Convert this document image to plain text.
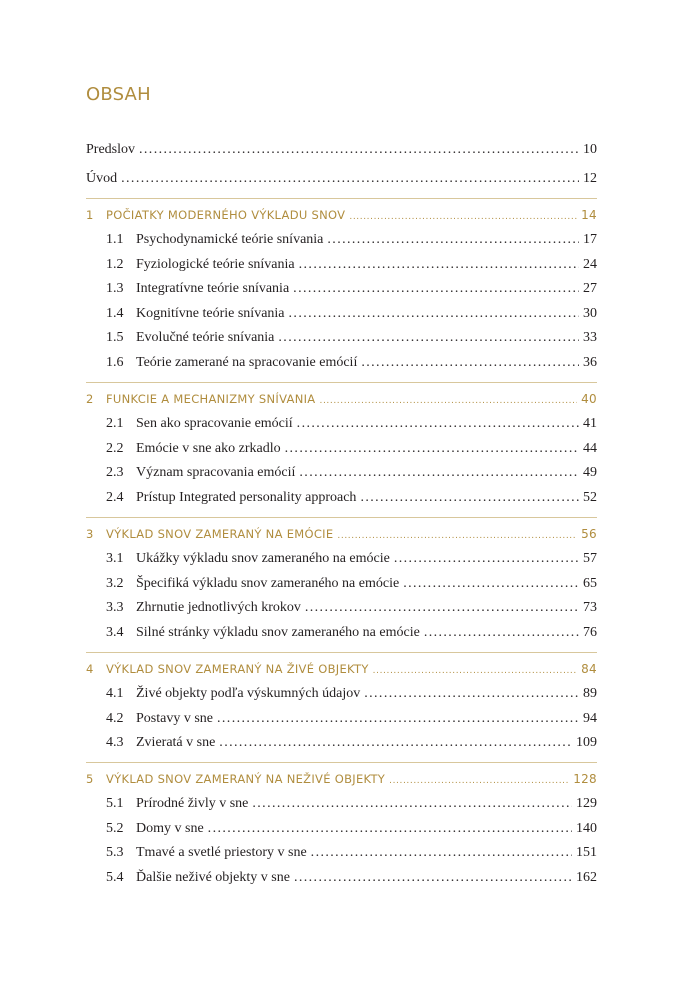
OBSAH
Predslov .....	10
Úvod .....	12
1	POČIATKY MODERNÉHO VÝKLADU SNOV .....	14
1.1 Psychodynamické teórie snívania .....	17
1.2 Fyziologické teórie snívania .....	24
1.3 Integratívne teórie snívania .....	27
1.4 Kognitívne teórie snívania .....	30
1.5 Evolučné teórie snívania .....	33
1.6 Teórie zamerané na spracovanie emócií .....	36
2	FUNKCIE A MECHANIZMY SNÍVANIA .....	40
2.1 Sen ako spracovanie emócií .....	41
2.2 Emócie v sne ako zrkadlo .....	44
2.3 Význam spracovania emócií .....	49
2.4 Prístup Integrated personality approach .....	52
3	VÝKLAD SNOV ZAMERANÝ NA EMÓCIE .....	56
3.1 Ukážky výkladu snov zameraného na emócie .....	57
3.2 Špecifiká výkladu snov zameraného na emócie .....	65
3.3 Zhrnutie jednotlivých krokov .....	73
3.4 Silné stránky výkladu snov zameraného na emócie .....	76
4	VÝKLAD SNOV ZAMERANÝ NA ŽIVÉ OBJEKTY .....	84
4.1 Živé objekty podľa výskumných údajov .....	89
4.2 Postavy v sne .....	94
4.3 Zvieratá v sne .....	109
5	VÝKLAD SNOV ZAMERANÝ NA NEŽIVÉ OBJEKTY .....	128
5.1 Prírodné živly v sne .....	129
5.2 Domy v sne .....	140
5.3 Tmavé a svetlé priestory v sne .....	151
5.4 Ďalšie neživé objekty v sne .....	162
